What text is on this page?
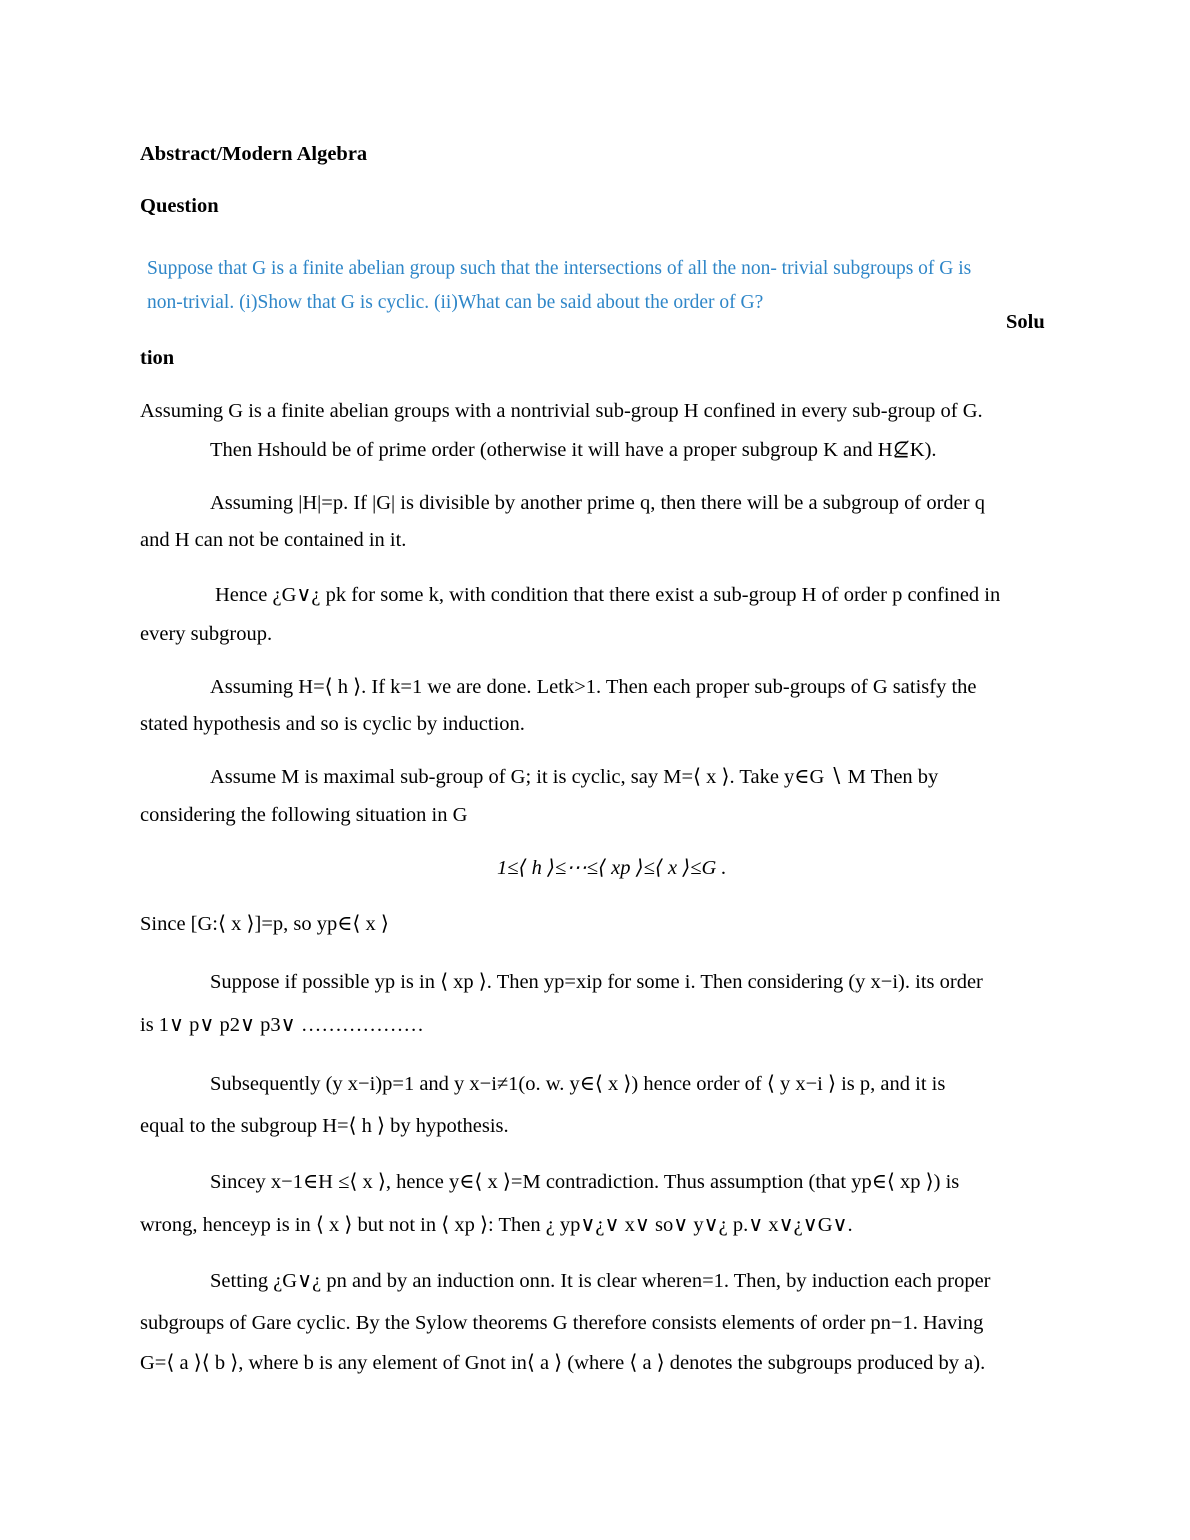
Abstract/Modern Algebra
Question
Suppose that G is a finite abelian group such that the intersections of all the non- trivial subgroups of G is
non-trivial. (i)Show that G is cyclic. (ii)What can be said about the order of G?
Solu
tion
Assuming G is a finite abelian groups with a nontrivial sub-group H confined in every sub-group of G.
Then Hshould be of prime order (otherwise it will have a proper subgroup K and H⊈K).
Assuming |H|=p. If |G| is divisible by another prime q, then there will be a subgroup of order q
and H can not be contained in it.
Hence ¿G∨¿ pk for some k, with condition that there exist a sub-group H of order p confined in
every subgroup.
Assuming H=⟨ h ⟩. If k=1 we are done. Letk>1. Then each proper sub-groups of G satisfy the
stated hypothesis and so is cyclic by induction.
Assume M is maximal sub-group of G; it is cyclic, say M=⟨ x ⟩. Take y∈G ∖ M Then by
considering the following situation in G
1≤⟨ h ⟩≤⋯≤⟨ xp ⟩≤⟨ x ⟩≤G .
Since [G:⟨ x ⟩]=p, so yp∈⟨ x ⟩
Suppose if possible yp is in ⟨ xp ⟩. Then yp=xip for some i. Then considering (y x−i). its order
is 1∨ p∨ p2∨ p3∨ ………………
Subsequently (y x−i)p=1 and y x−i≠1(o. w. y∈⟨ x ⟩) hence order of ⟨ y x−i ⟩ is p, and it is
equal to the subgroup H=⟨ h ⟩ by hypothesis.
Sincey x−1∈H ≤⟨ x ⟩, hence y∈⟨ x ⟩=M contradiction. Thus assumption (that yp∈⟨ xp ⟩) is
wrong, henceyp is in ⟨ x ⟩ but not in ⟨ xp ⟩: Then ¿ yp∨¿∨ x∨ so∨ y∨¿ p.∨ x∨¿∨G∨.
Setting ¿G∨¿ pn and by an induction onn. It is clear wheren=1. Then, by induction each proper
subgroups of Gare cyclic. By the Sylow theorems G therefore consists elements of order pn−1. Having
G=⟨ a ⟩⟨ b ⟩, where b is any element of Gnot in⟨ a ⟩ (where ⟨ a ⟩ denotes the subgroups produced by a).
